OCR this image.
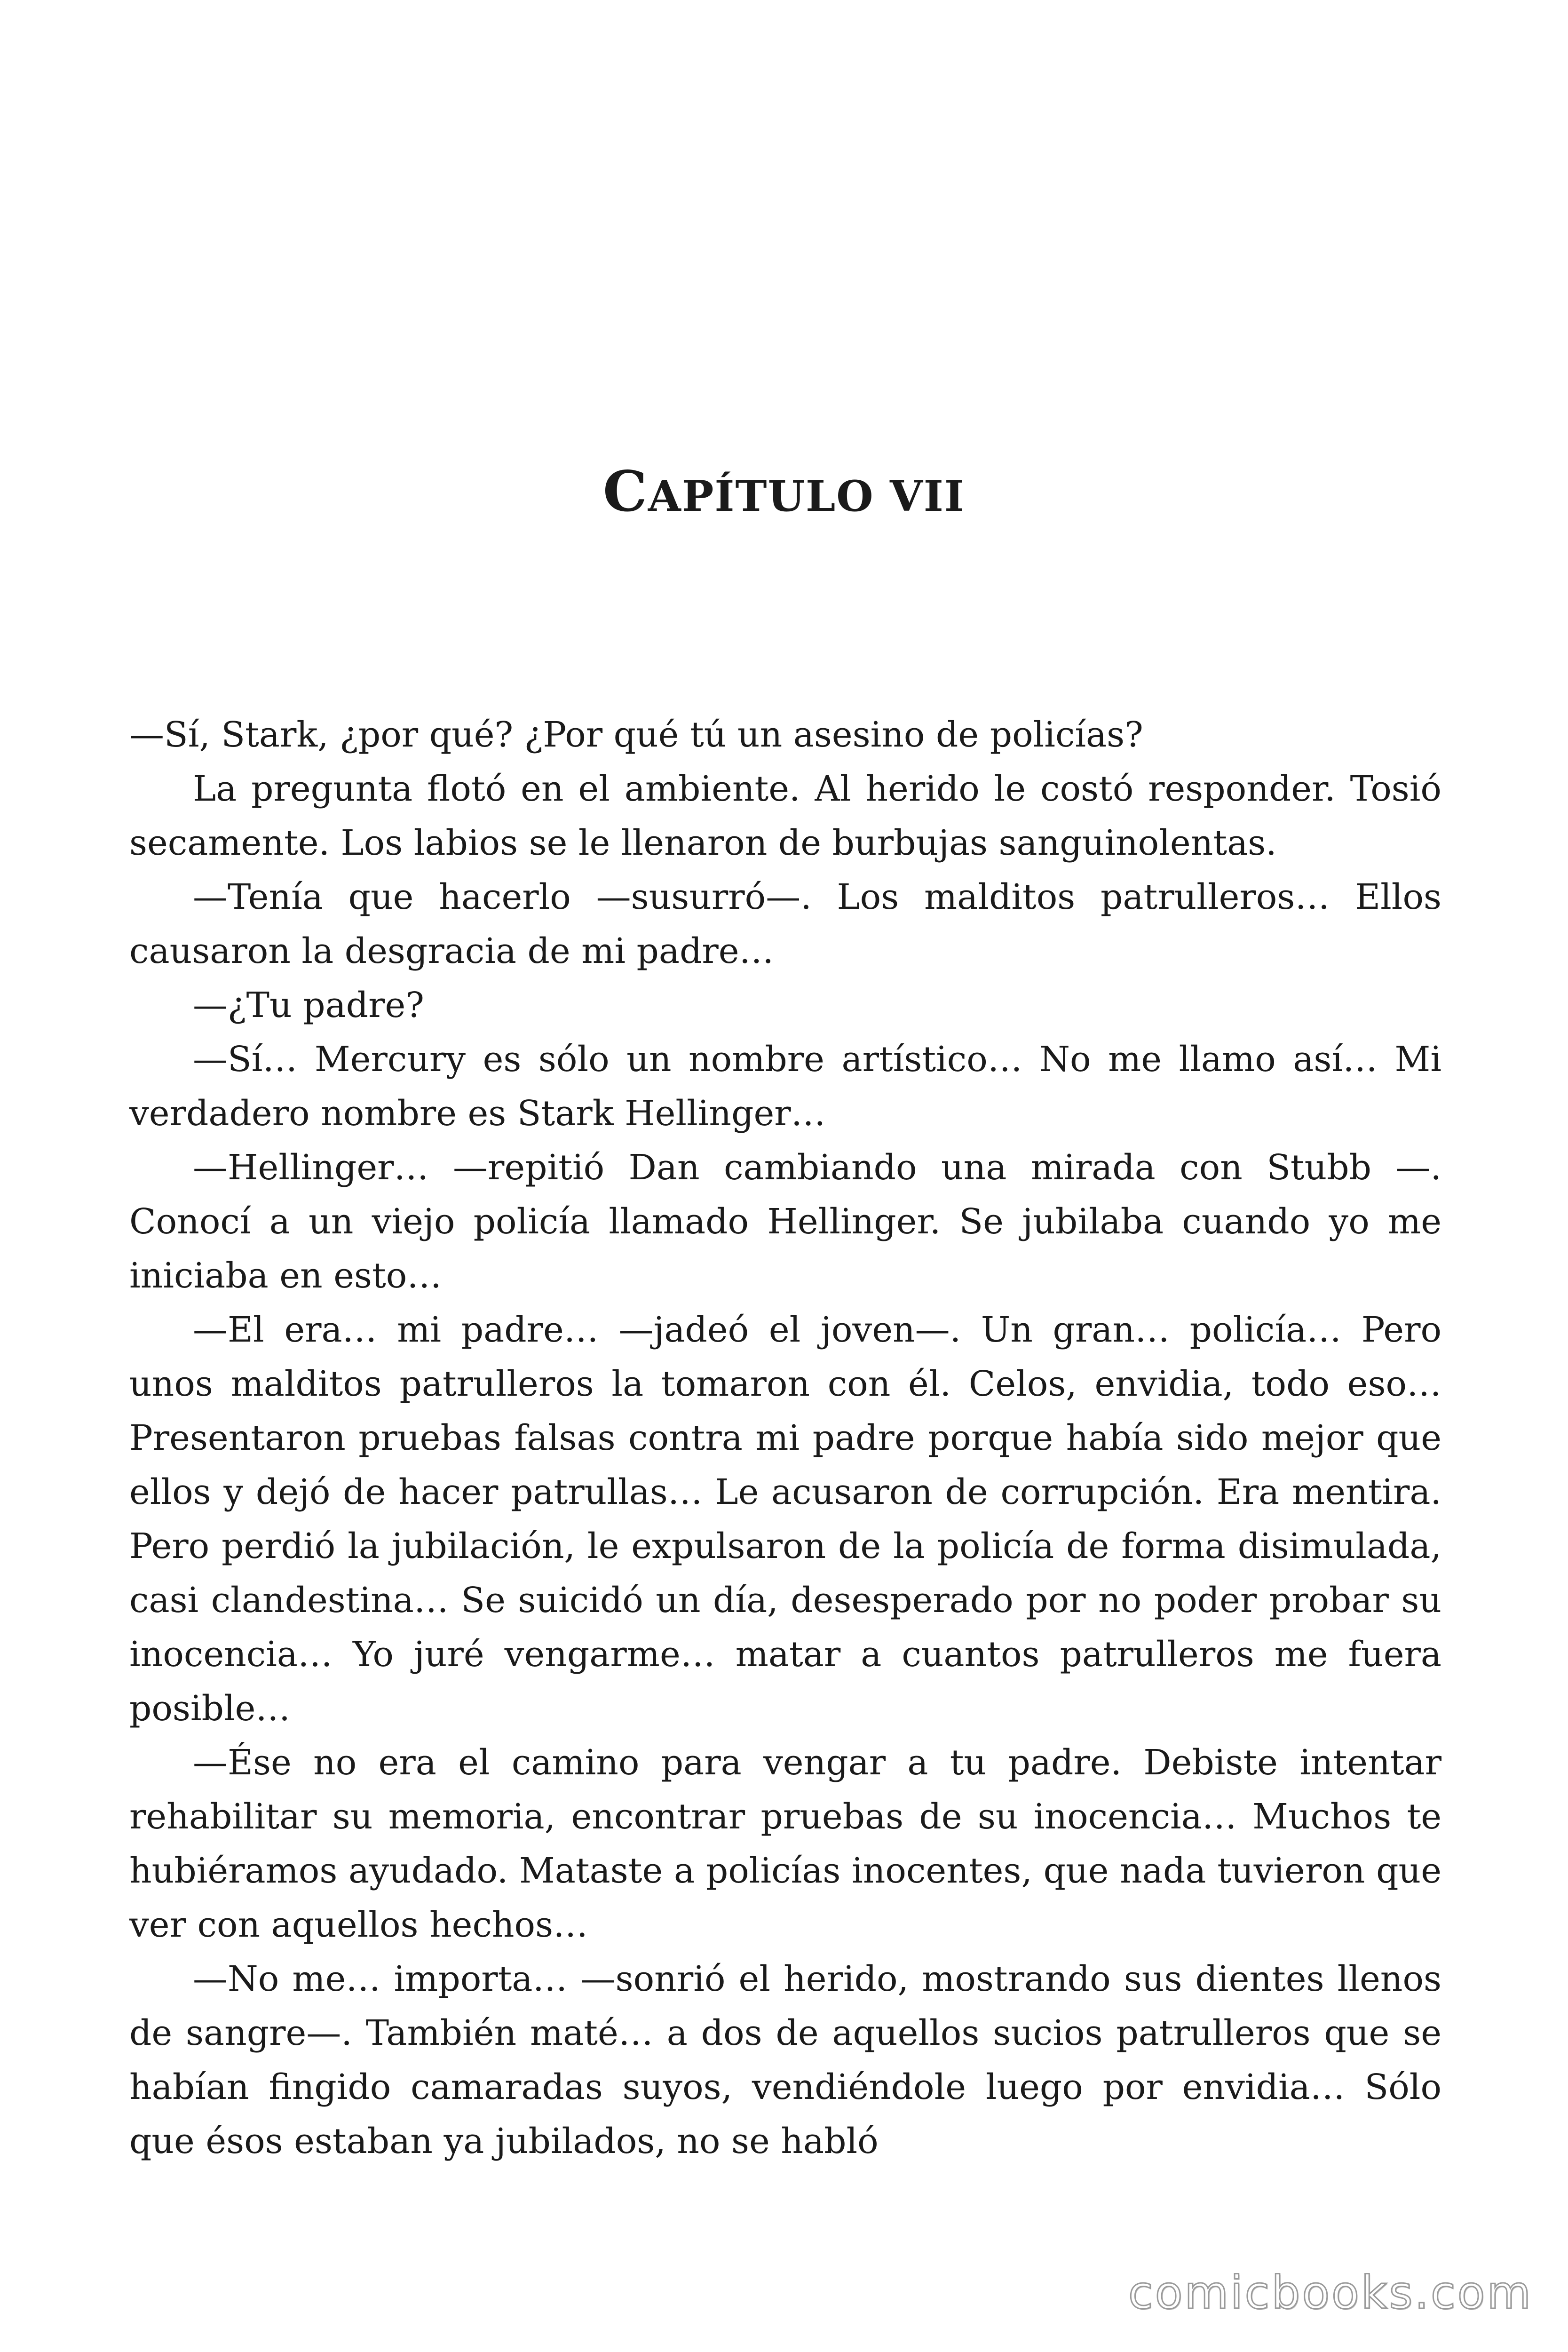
CAPÍTULO VII

—Sí, Stark, ¿por qué? ¿Por qué tú un asesino de policías?

La pregunta flotó en el ambiente. Al herido le costó responder. Tosió secamente. Los labios se le llenaron de burbujas sanguinolentas.

—Tenía que hacerlo —susurró—. Los malditos patrulleros… Ellos causaron la desgracia de mi padre…

—¿Tu padre?

—Sí… Mercury es sólo un nombre artístico… No me llamo así… Mi verdadero nombre es Stark Hellinger…

—Hellinger… —repitió Dan cambiando una mirada con Stubb —. Conocí a un viejo policía llamado Hellinger. Se jubilaba cuando yo me iniciaba en esto…

—El era… mi padre… —jadeó el joven—. Un gran… policía… Pero unos malditos patrulleros la tomaron con él. Celos, envidia, todo eso… Presentaron pruebas falsas contra mi padre porque había sido mejor que ellos y dejó de hacer patrullas… Le acusaron de corrupción. Era mentira. Pero perdió la jubilación, le expulsaron de la policía de forma disimulada, casi clandestina… Se suicidó un día, desesperado por no poder probar su inocencia… Yo juré vengarme… matar a cuantos patrulleros me fuera posible…

—Ése no era el camino para vengar a tu padre. Debiste intentar rehabilitar su memoria, encontrar pruebas de su inocencia… Muchos te hubiéramos ayudado. Mataste a policías inocentes, que nada tuvieron que ver con aquellos hechos…

—No me… importa… —sonrió el herido, mostrando sus dientes llenos de sangre—. También maté… a dos de aquellos sucios patrulleros que se habían fingido camaradas suyos, vendiéndole luego por envidia… Sólo que ésos estaban ya jubilados, no se habló

comicbooks.com
